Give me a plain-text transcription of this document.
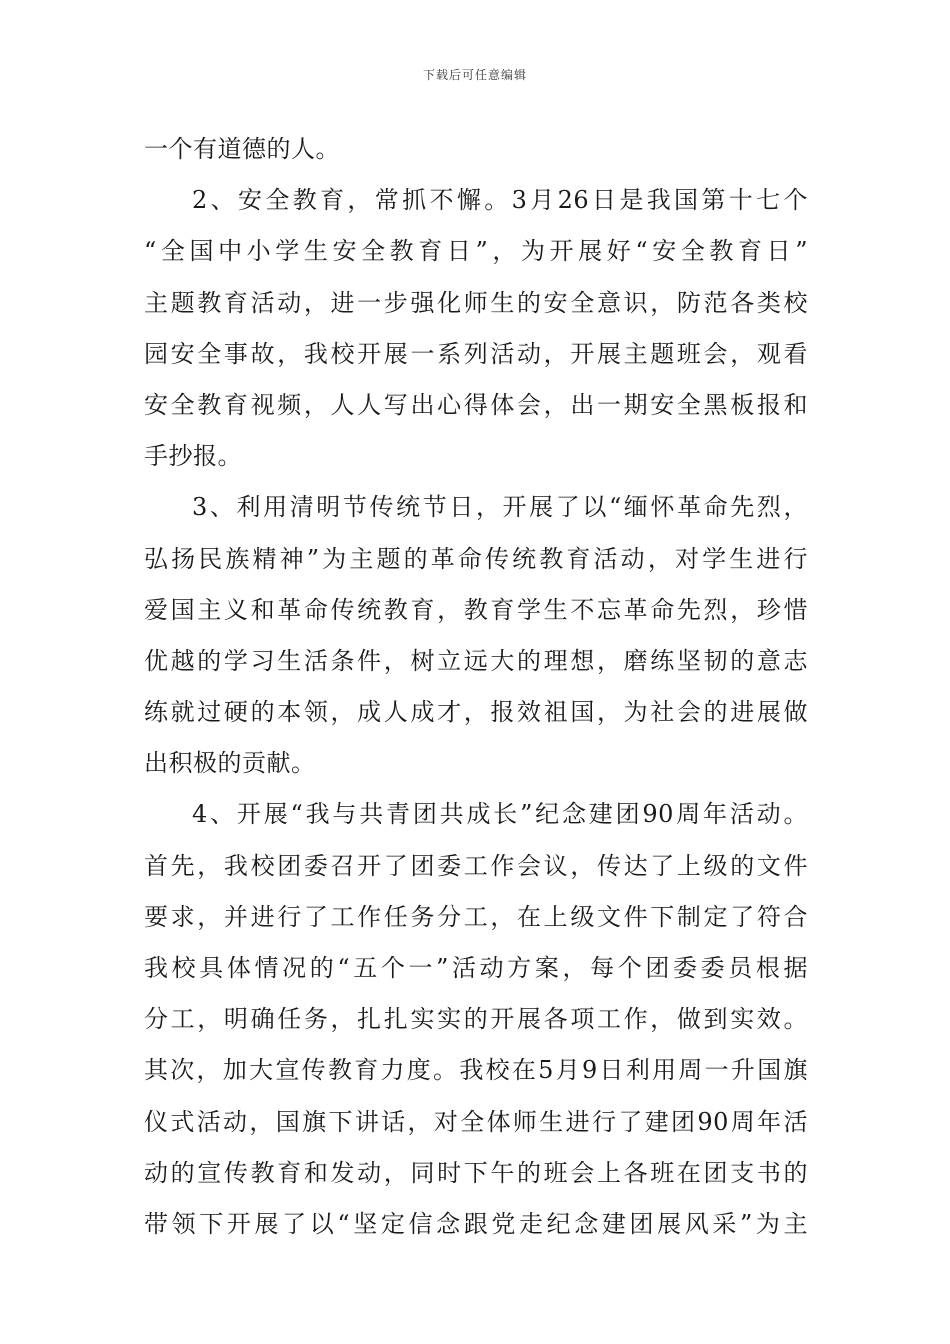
下载后可任意编辑
一个有道德的人。
2、安全教育，常抓不懈。3月26日是我国第十七个
“全国中小学生安全教育日”，为开展好“安全教育日”
主题教育活动，进一步强化师生的安全意识，防范各类校
园安全事故，我校开展一系列活动，开展主题班会，观看
安全教育视频，人人写出心得体会，出一期安全黑板报和
手抄报。
3、利用清明节传统节日，开展了以“缅怀革命先烈，
弘扬民族精神”为主题的革命传统教育活动，对学生进行
爱国主义和革命传统教育，教育学生不忘革命先烈，珍惜
优越的学习生活条件，树立远大的理想，磨练坚韧的意志
练就过硬的本领，成人成才，报效祖国，为社会的进展做
出积极的贡献。
4、开展“我与共青团共成长”纪念建团90周年活动。
首先，我校团委召开了团委工作会议，传达了上级的文件
要求，并进行了工作任务分工，在上级文件下制定了符合
我校具体情况的“五个一”活动方案，每个团委委员根据
分工，明确任务，扎扎实实的开展各项工作，做到实效。
其次，加大宣传教育力度。我校在5月9日利用周一升国旗
仪式活动，国旗下讲话，对全体师生进行了建团90周年活
动的宣传教育和发动，同时下午的班会上各班在团支书的
带领下开展了以“坚定信念跟党走纪念建团展风采”为主
